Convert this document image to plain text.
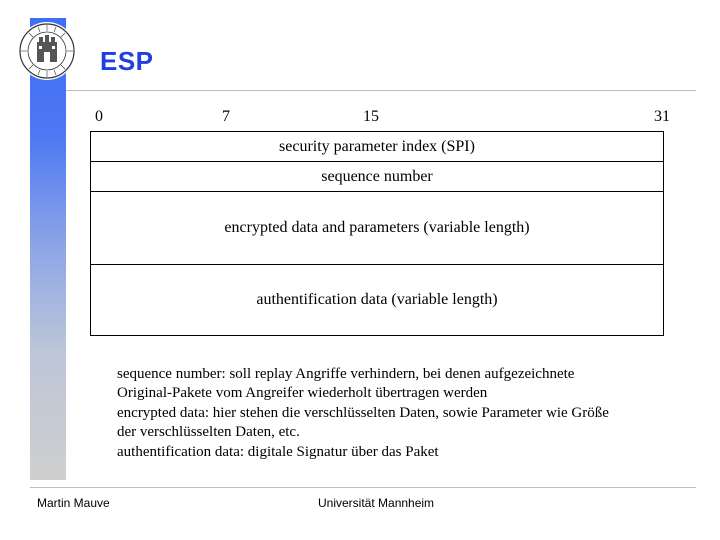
ESP
0	7	15	31
security parameter index (SPI)
sequence number
encrypted data and parameters (variable length)
authentification data (variable length)
sequence number: soll replay Angriffe verhindern, bei denen aufgezeichnete
Original-Pakete vom Angreifer wiederholt übertragen werden
encrypted data: hier stehen die verschlüsselten Daten, sowie Parameter wie Größe
der verschlüsselten Daten, etc.
authentification data: digitale Signatur über das Paket
Martin Mauve	Universität Mannheim
